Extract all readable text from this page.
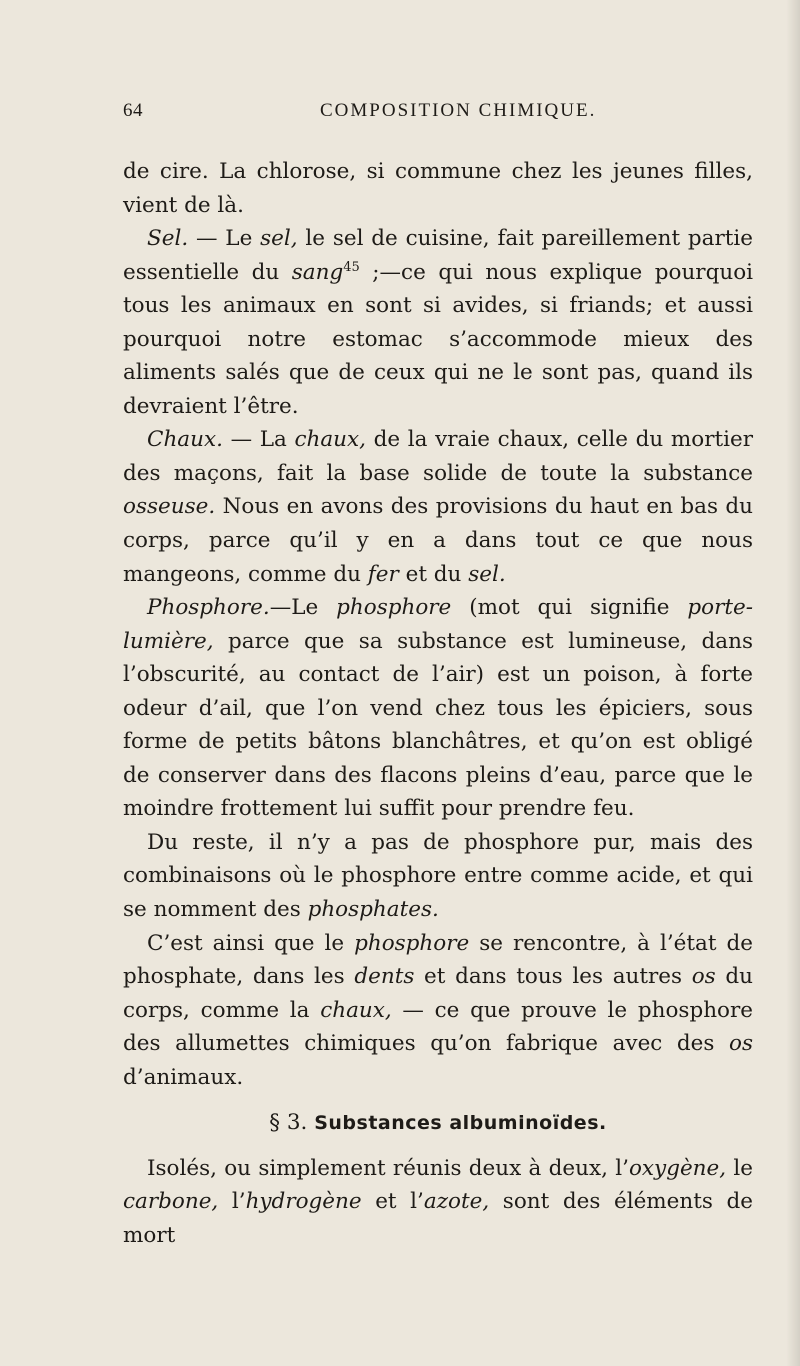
64	COMPOSITION CHIMIQUE.

de cire. La chlorose, si commune chez les jeunes filles, vient de là.

Sel. — Le sel, le sel de cuisine, fait pareillement partie essentielle du sang$^{45}$ ;—ce qui nous explique pourquoi tous les animaux en sont si avides, si friands; et aussi pourquoi notre estomac s’accommode mieux des aliments salés que de ceux qui ne le sont pas, quand ils devraient l’être.

Chaux. — La chaux, de la vraie chaux, celle du mortier des maçons, fait la base solide de toute la substance osseuse. Nous en avons des provisions du haut en bas du corps, parce qu’il y en a dans tout ce que nous mangeons, comme du fer et du sel.

Phosphore.—Le phosphore (mot qui signifie porte-lumière, parce que sa substance est lumineuse, dans l’obscurité, au contact de l’air) est un poison, à forte odeur d’ail, que l’on vend chez tous les épiciers, sous forme de petits bâtons blanchâtres, et qu’on est obligé de conserver dans des flacons pleins d’eau, parce que le moindre frottement lui suffit pour prendre feu.

Du reste, il n’y a pas de phosphore pur, mais des combinaisons où le phosphore entre comme acide, et qui se nomment des phosphates.

C’est ainsi que le phosphore se rencontre, à l’état de phosphate, dans les dents et dans tous les autres os du corps, comme la chaux, — ce que prouve le phosphore des allumettes chimiques qu’on fabrique avec des os d’animaux.

§ 3. Substances albuminoïdes.

Isolés, ou simplement réunis deux à deux, l’oxygène, le carbone, l’hydrogène et l’azote, sont des éléments de mort
